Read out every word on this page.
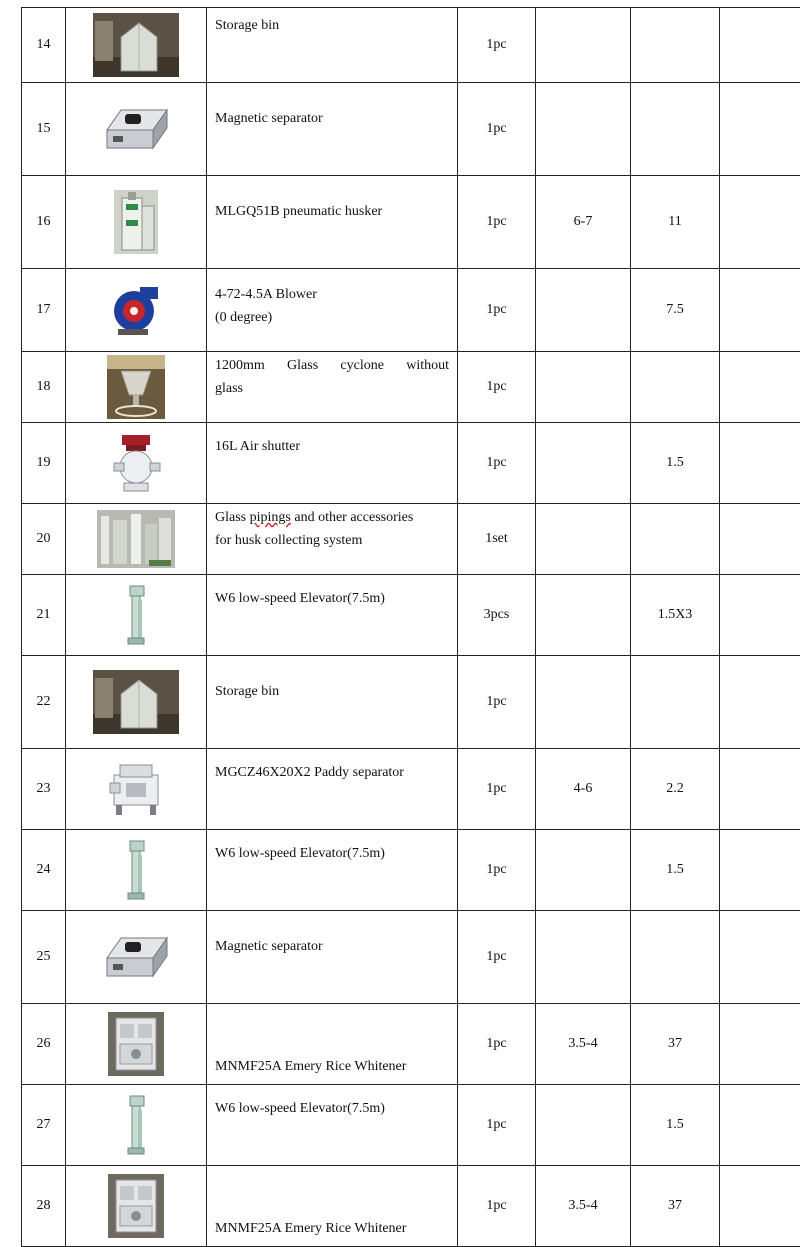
14		Storage bin	1pc			
15		Magnetic separator	1pc			
16		MLGQ51B pneumatic husker	1pc	6-7	11	
17		4-72-4.5A Blower
(0 degree)	1pc		7.5	
18		1200mm Glass cyclone without
glass	1pc			
19		16L Air shutter	1pc		1.5	
20		Glass pipings and other accessories
for husk collecting system	1set			
21		W6 low-speed Elevator(7.5m)	3pcs		1.5X3	
22		Storage bin	1pc			
23		MGCZ46X20X2 Paddy separator	1pc	4-6	2.2	
24		W6 low-speed Elevator(7.5m)	1pc		1.5	
25		Magnetic separator	1pc			
26		MNMF25A Emery Rice Whitener	1pc	3.5-4	37	
27		W6 low-speed Elevator(7.5m)	1pc		1.5	
28		MNMF25A Emery Rice Whitener	1pc	3.5-4	37	
